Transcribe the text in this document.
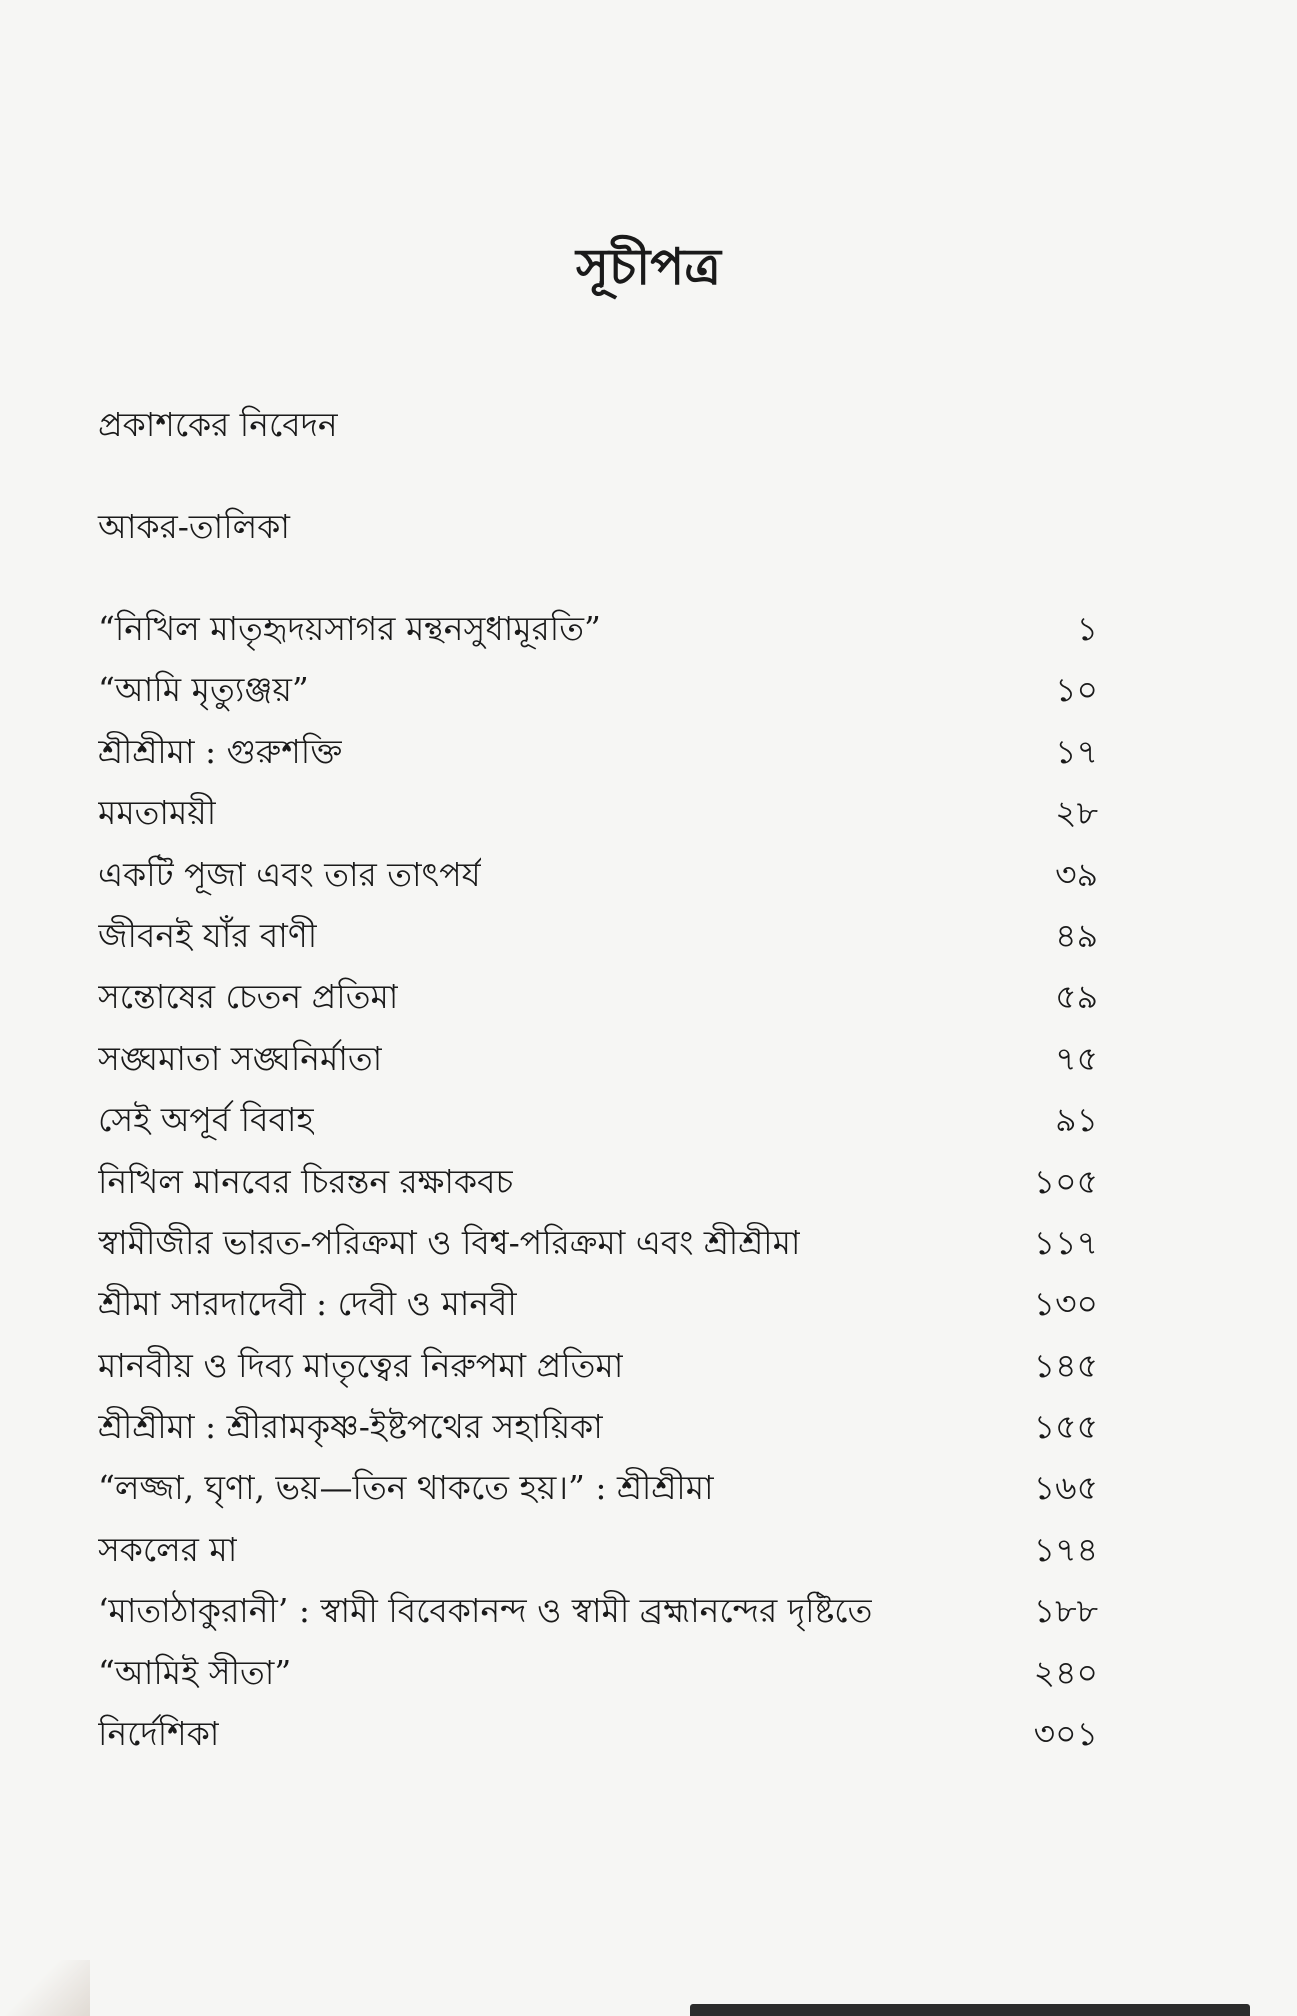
সূচীপত্র
প্রকাশকের নিবেদন
আকর-তালিকা
“নিখিল মাতৃহৃদয়সাগর মন্থনসুধামূরতি”	১
“আমি মৃত্যুঞ্জয়”	১০
শ্রীশ্রীমা : গুরুশক্তি	১৭
মমতাময়ী	২৮
একটি পূজা এবং তার তাৎপর্য	৩৯
জীবনই যাঁর বাণী	৪৯
সন্তোষের চেতন প্রতিমা	৫৯
সঙ্ঘমাতা সঙ্ঘনির্মাতা	৭৫
সেই অপূর্ব বিবাহ	৯১
নিখিল মানবের চিরন্তন রক্ষাকবচ	১০৫
স্বামীজীর ভারত-পরিক্রমা ও বিশ্ব-পরিক্রমা এবং শ্রীশ্রীমা	১১৭
শ্রীমা সারদাদেবী : দেবী ও মানবী	১৩০
মানবীয় ও দিব্য মাতৃত্বের নিরুপমা প্রতিমা	১৪৫
শ্রীশ্রীমা : শ্রীরামকৃষ্ণ-ইষ্টপথের সহায়িকা	১৫৫
“লজ্জা, ঘৃণা, ভয়—তিন থাকতে হয়।” : শ্রীশ্রীমা	১৬৫
সকলের মা	১৭৪
‘মাতাঠাকুরানী’ : স্বামী বিবেকানন্দ ও স্বামী ব্রহ্মানন্দের দৃষ্টিতে	১৮৮
“আমিই সীতা”	২৪০
নির্দেশিকা	৩০১
